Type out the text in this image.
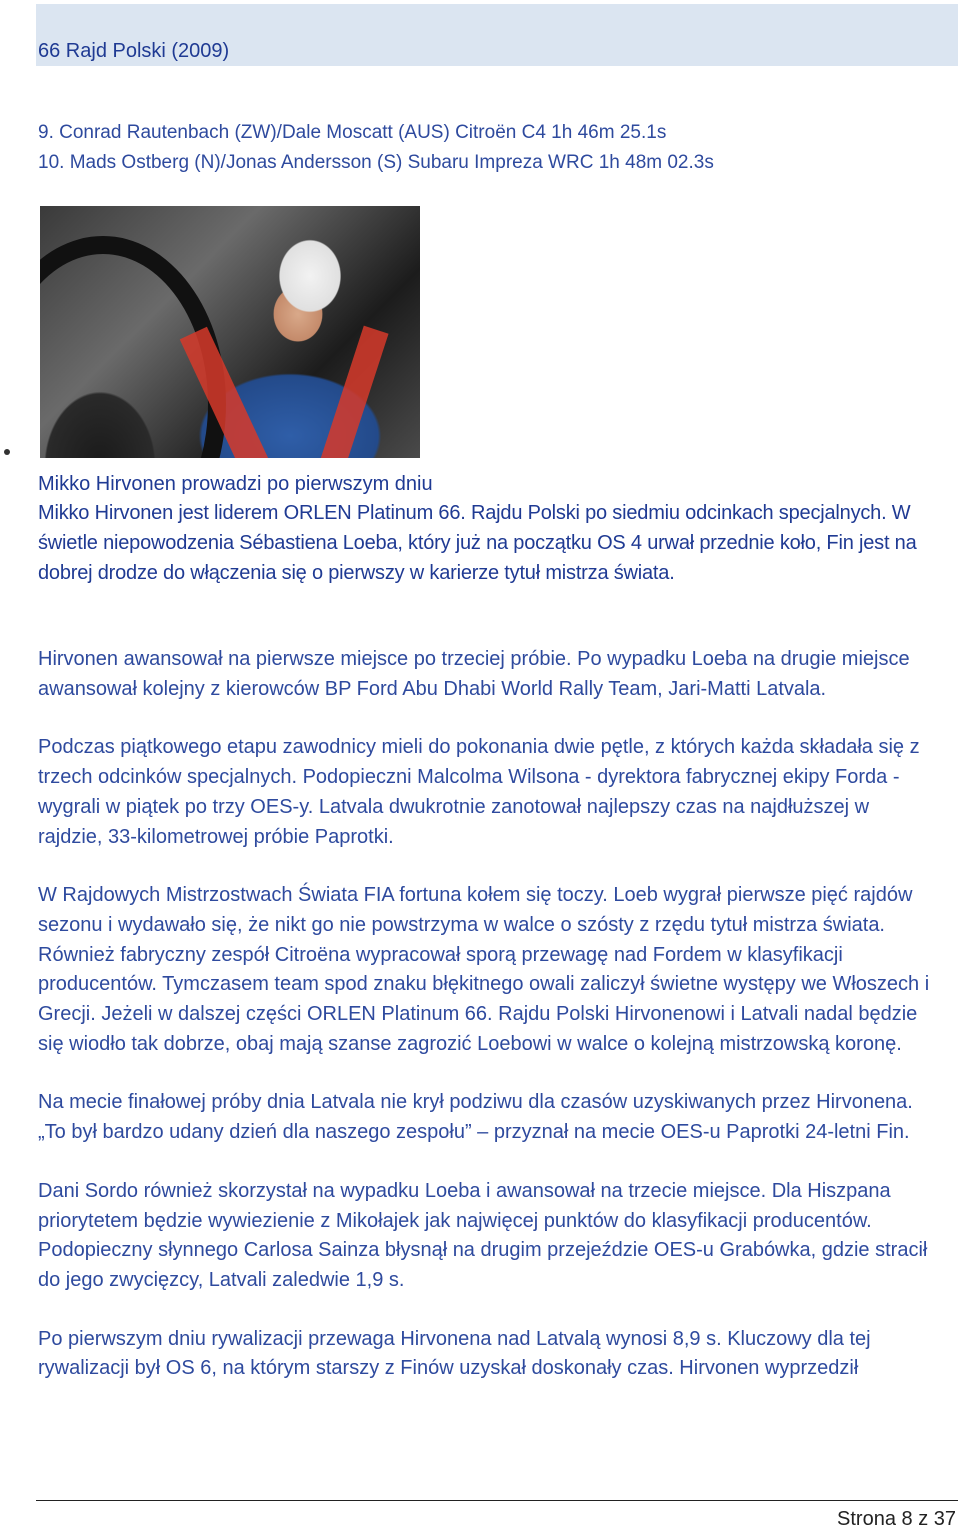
66 Rajd Polski (2009)
9. Conrad Rautenbach (ZW)/Dale Moscatt (AUS) Citroën C4 1h 46m 25.1s
10. Mads Ostberg (N)/Jonas Andersson (S) Subaru Impreza WRC 1h 48m 02.3s
Mikko Hirvonen prowadzi po pierwszym dniu
Mikko Hirvonen jest liderem ORLEN Platinum 66. Rajdu Polski po siedmiu odcinkach specjalnych. W świetle niepowodzenia Sébastiena Loeba, który już na początku OS 4 urwał przednie koło, Fin jest na dobrej drodze do włączenia się o pierwszy w karierze tytuł mistrza świata.

Hirvonen awansował na pierwsze miejsce po trzeciej próbie. Po wypadku Loeba na drugie miejsce awansował kolejny z kierowców BP Ford Abu Dhabi World Rally Team, Jari-Matti Latvala.

Podczas piątkowego etapu zawodnicy mieli do pokonania dwie pętle, z których każda składała się z trzech odcinków specjalnych. Podopieczni Malcolma Wilsona - dyrektora fabrycznej ekipy Forda - wygrali w piątek po trzy OES-y. Latvala dwukrotnie zanotował najlepszy czas na najdłuższej w rajdzie, 33-kilometrowej próbie Paprotki.

W Rajdowych Mistrzostwach Świata FIA fortuna kołem się toczy. Loeb wygrał pierwsze pięć rajdów sezonu i wydawało się, że nikt go nie powstrzyma w walce o szósty z rzędu tytuł mistrza świata. Również fabryczny zespół Citroëna wypracował sporą przewagę nad Fordem w klasyfikacji producentów. Tymczasem team spod znaku błękitnego owali zaliczył świetne występy we Włoszech i Grecji. Jeżeli w dalszej części ORLEN Platinum 66. Rajdu Polski Hirvonenowi i Latvali nadal będzie się wiodło tak dobrze, obaj mają szanse zagrozić Loebowi w walce o kolejną mistrzowską koronę.

Na mecie finałowej próby dnia Latvala nie krył podziwu dla czasów uzyskiwanych przez Hirvonena. „To był bardzo udany dzień dla naszego zespołu” – przyznał na mecie OES-u Paprotki 24-letni Fin.

Dani Sordo również skorzystał na wypadku Loeba i awansował na trzecie miejsce. Dla Hiszpana priorytetem będzie wywiezienie z Mikołajek jak najwięcej punktów do klasyfikacji producentów. Podopieczny słynnego Carlosa Sainza błysnął na drugim przejeździe OES-u Grabówka, gdzie stracił do jego zwycięzcy, Latvali zaledwie 1,9 s.

Po pierwszym dniu rywalizacji przewaga Hirvonena nad Latvalą wynosi 8,9 s. Kluczowy dla tej rywalizacji był OS 6, na którym starszy z Finów uzyskał doskonały czas. Hirvonen wyprzedził

Strona 8 z 37
